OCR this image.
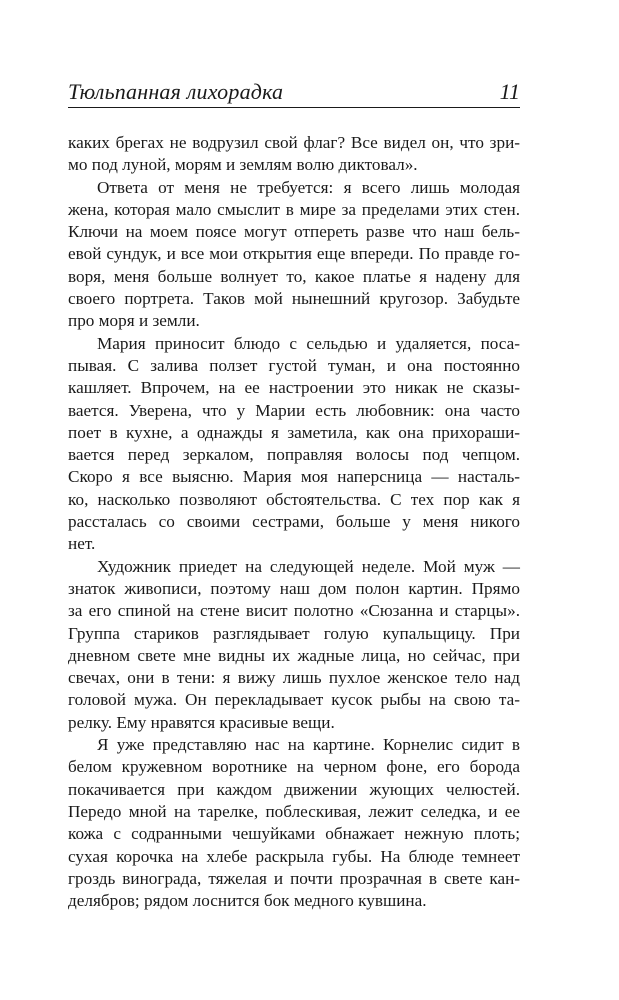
Тюльпанная лихорадка	11

каких брегах не водрузил свой флаг? Все видел он, что зри-
мо под луной, морям и землям волю диктовал».

Ответа от меня не требуется: я всего лишь молодая
жена, которая мало смыслит в мире за пределами этих стен.
Ключи на моем поясе могут отпереть разве что наш бель-
евой сундук, и все мои открытия еще впереди. По правде го-
воря, меня больше волнует то, какое платье я надену для
своего портрета. Таков мой нынешний кругозор. Забудьте
про моря и земли.

Мария приносит блюдо с сельдью и удаляется, поса-
пывая. С залива ползет густой туман, и она постоянно
кашляет. Впрочем, на ее настроении это никак не сказы-
вается. Уверена, что у Марии есть любовник: она часто
поет в кухне, а однажды я заметила, как она прихораши-
вается перед зеркалом, поправляя волосы под чепцом.
Скоро я все выясню. Мария моя наперсница — насталь-
ко, насколько позволяют обстоятельства. С тех пор как я
рассталась со своими сестрами, больше у меня никого
нет.

Художник приедет на следующей неделе. Мой муж —
знаток живописи, поэтому наш дом полон картин. Прямо
за его спиной на стене висит полотно «Сюзанна и старцы».
Группа стариков разглядывает голую купальщицу. При
дневном свете мне видны их жадные лица, но сейчас, при
свечах, они в тени: я вижу лишь пухлое женское тело над
головой мужа. Он перекладывает кусок рыбы на свою та-
релку. Ему нравятся красивые вещи.

Я уже представляю нас на картине. Корнелис сидит в
белом кружевном воротнике на черном фоне, его борода
покачивается при каждом движении жующих челюстей.
Передо мной на тарелке, поблескивая, лежит селедка, и ее
кожа с содранными чешуйками обнажает нежную плоть;
сухая корочка на хлебе раскрыла губы. На блюде темнеет
гроздь винограда, тяжелая и почти прозрачная в свете кан-
делябров; рядом лоснится бок медного кувшина.
